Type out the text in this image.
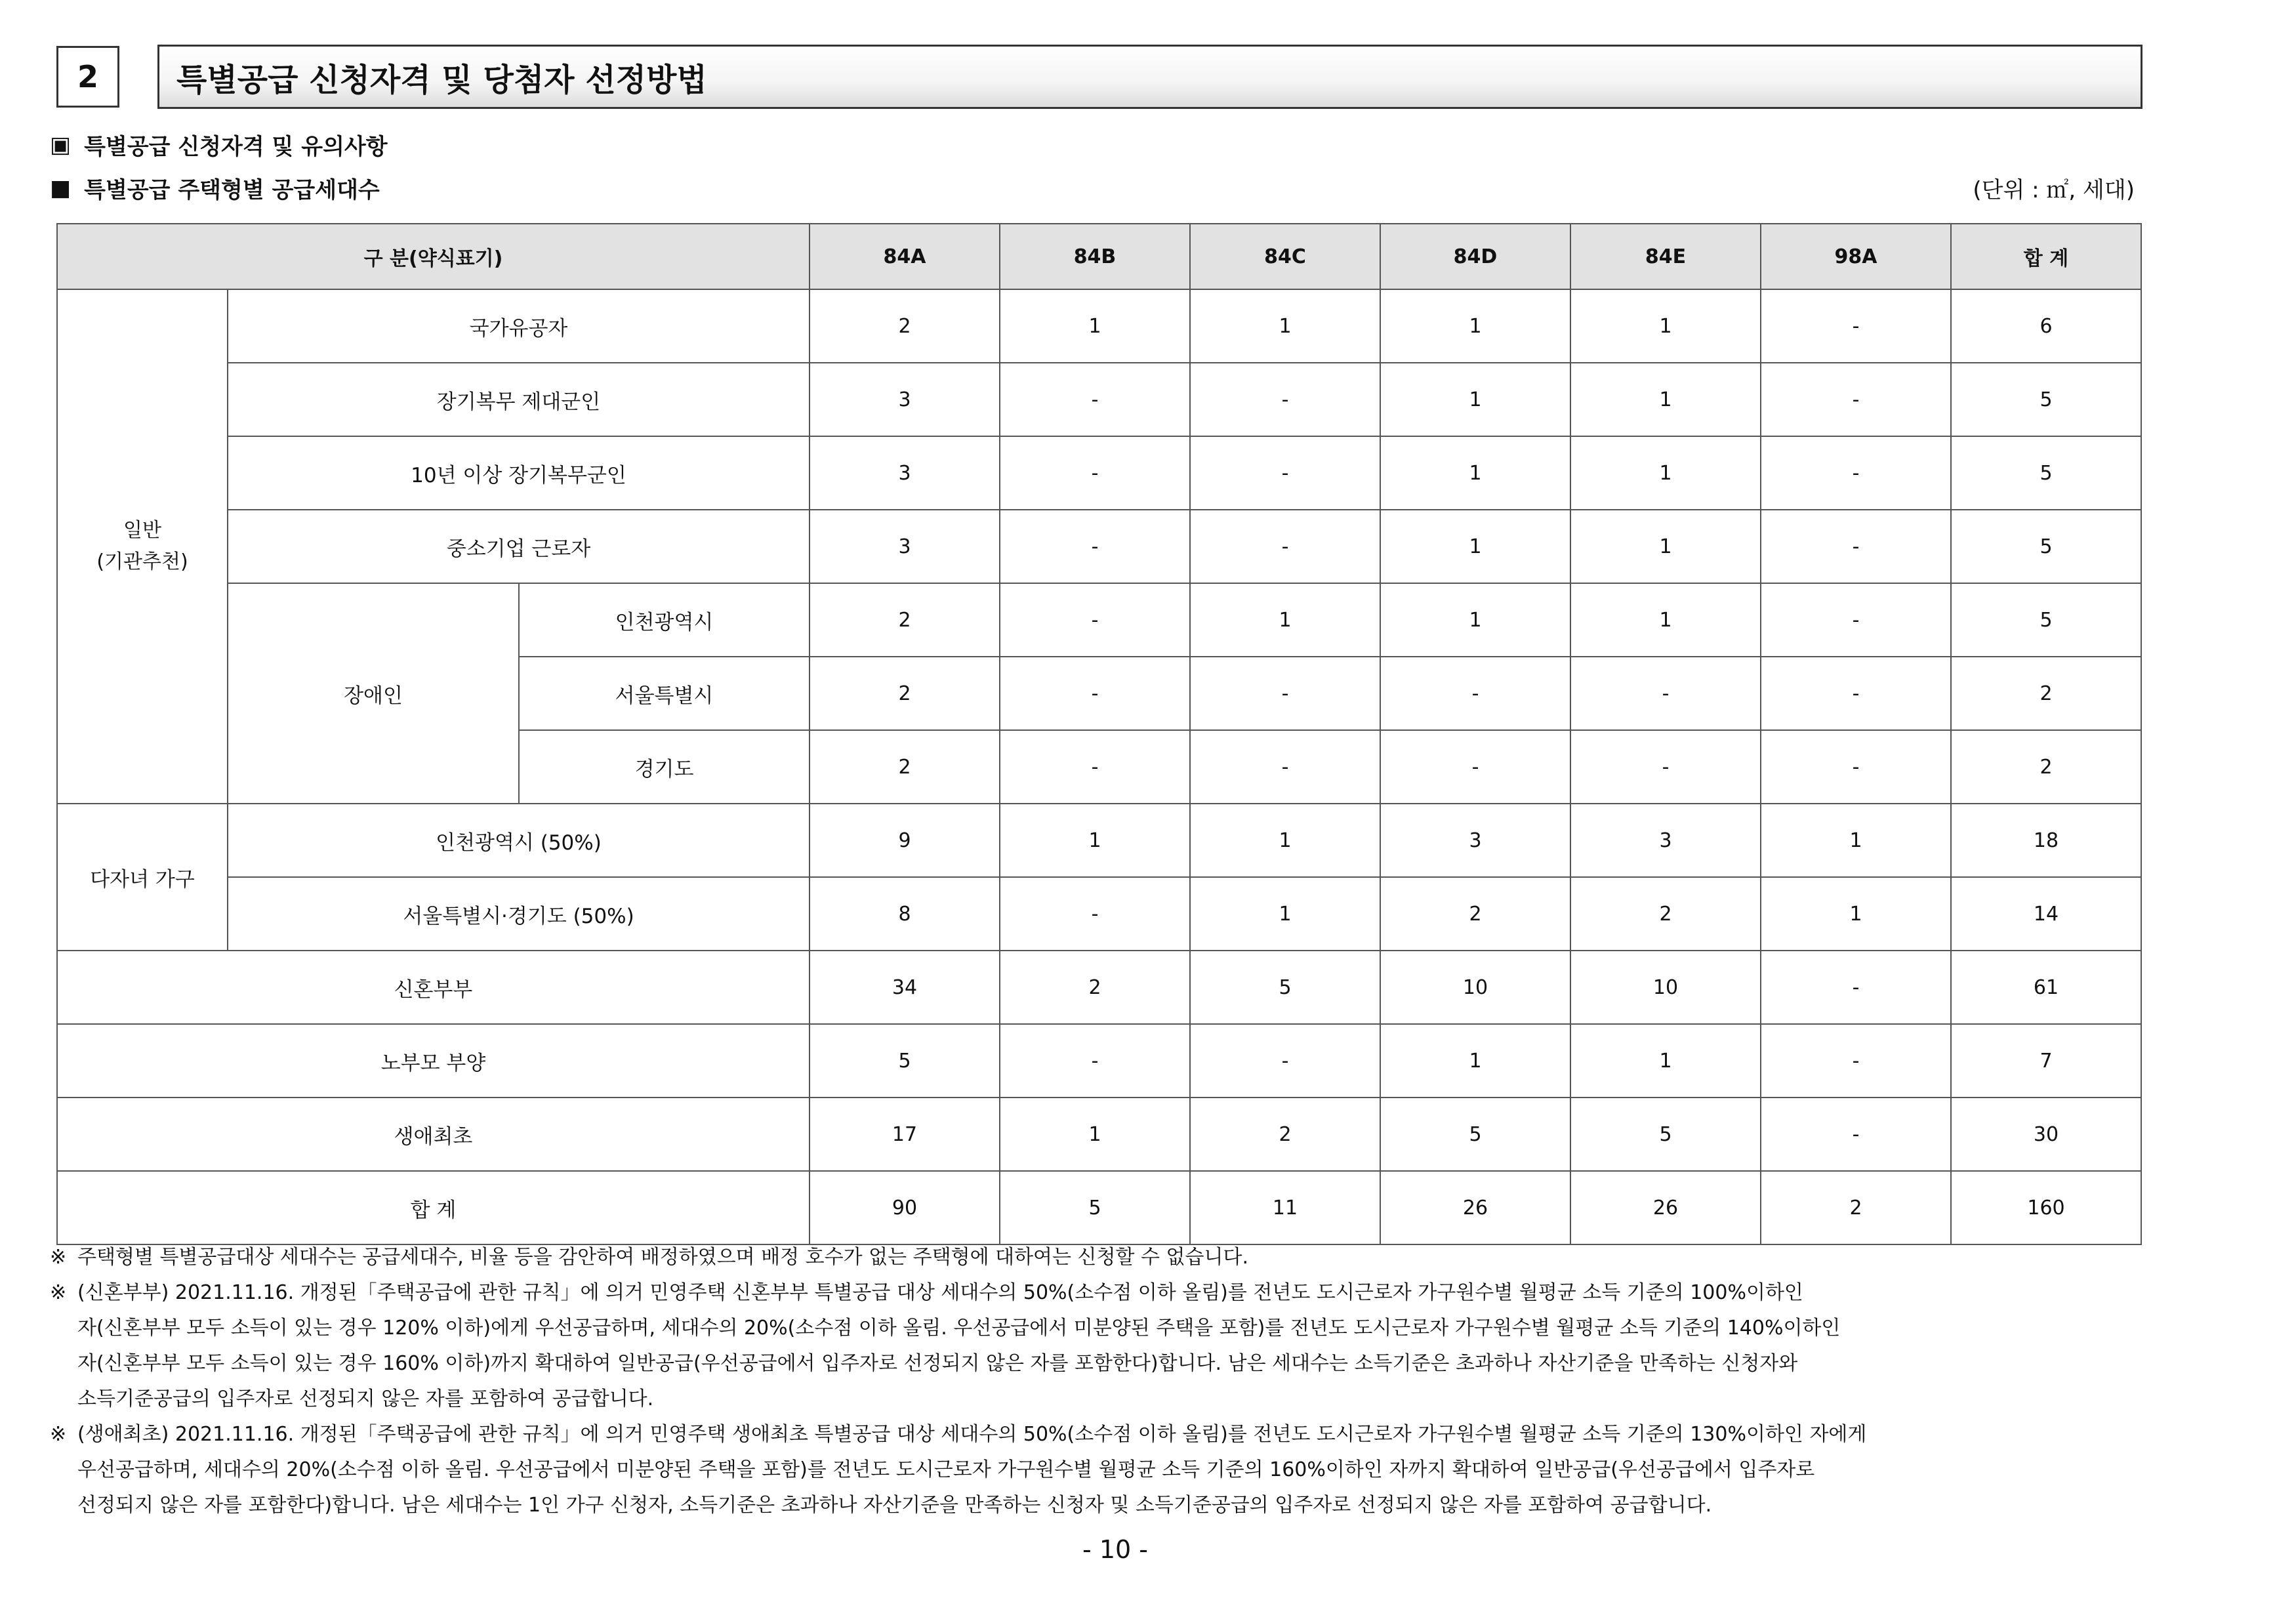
2	특별공급 신청자격 및 당첨자 선정방법
▣ 특별공급 신청자격 및 유의사항
■ 특별공급 주택형별 공급세대수	(단위 : ㎡, 세대)
구 분(약식표기)			84A	84B	84C	84D	84E	98A	합 계
일반
(기관추천)	국가유공자		2	1	1	1	1	-	6
	장기복무 제대군인		3	-	-	1	1	-	5
	10년 이상 장기복무군인		3	-	-	1	1	-	5
	중소기업 근로자		3	-	-	1	1	-	5
	장애인	인천광역시	2	-	1	1	1	-	5
		서울특별시	2	-	-	-	-	-	2
		경기도	2	-	-	-	-	-	2
다자녀 가구	인천광역시 (50%)		9	1	1	3	3	1	18
	서울특별시·경기도 (50%)		8	-	1	2	2	1	14
신혼부부			34	2	5	10	10	-	61
노부모 부양			5	-	-	1	1	-	7
생애최초			17	1	2	5	5	-	30
합 계			90	5	11	26	26	2	160
※ 주택형별 특별공급대상 세대수는 공급세대수, 비율 등을 감안하여 배정하였으며 배정 호수가 없는 주택형에 대하여는 신청할 수 없습니다.
※ (신혼부부) 2021.11.16. 개정된「주택공급에 관한 규칙」에 의거 민영주택 신혼부부 특별공급 대상 세대수의 50%(소수점 이하 올림)를 전년도 도시근로자 가구원수별 월평균 소득 기준의 100%이하인
자(신혼부부 모두 소득이 있는 경우 120% 이하)에게 우선공급하며, 세대수의 20%(소수점 이하 올림. 우선공급에서 미분양된 주택을 포함)를 전년도 도시근로자 가구원수별 월평균 소득 기준의 140%이하인
자(신혼부부 모두 소득이 있는 경우 160% 이하)까지 확대하여 일반공급(우선공급에서 입주자로 선정되지 않은 자를 포함한다)합니다. 남은 세대수는 소득기준은 초과하나 자산기준을 만족하는 신청자와
소득기준공급의 입주자로 선정되지 않은 자를 포함하여 공급합니다.
※ (생애최초) 2021.11.16. 개정된「주택공급에 관한 규칙」에 의거 민영주택 생애최초 특별공급 대상 세대수의 50%(소수점 이하 올림)를 전년도 도시근로자 가구원수별 월평균 소득 기준의 130%이하인 자에게
우선공급하며, 세대수의 20%(소수점 이하 올림. 우선공급에서 미분양된 주택을 포함)를 전년도 도시근로자 가구원수별 월평균 소득 기준의 160%이하인 자까지 확대하여 일반공급(우선공급에서 입주자로
선정되지 않은 자를 포함한다)합니다. 남은 세대수는 1인 가구 신청자, 소득기준은 초과하나 자산기준을 만족하는 신청자 및 소득기준공급의 입주자로 선정되지 않은 자를 포함하여 공급합니다.
- 10 -
